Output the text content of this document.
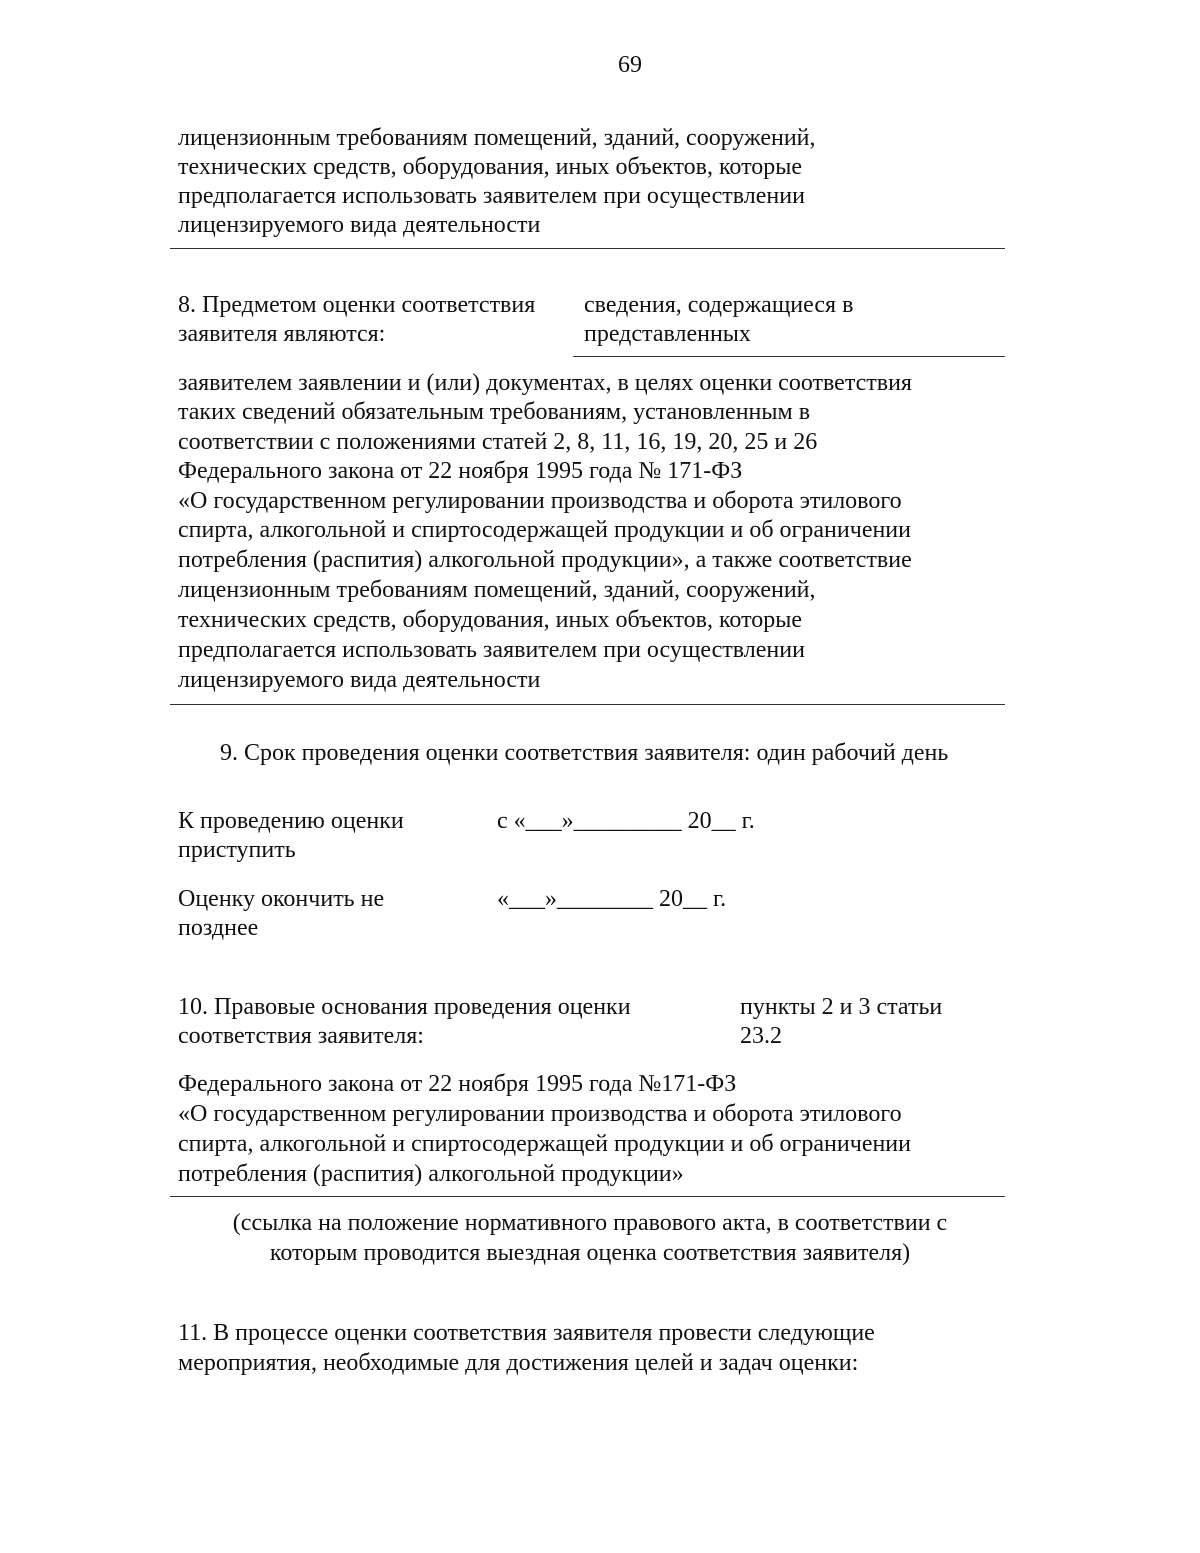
69
лицензионным требованиям помещений, зданий, сооружений,
технических средств, оборудования, иных объектов, которые
предполагается использовать заявителем при осуществлении
лицензируемого вида деятельности
8. Предметом оценки соответствия
заявителя являются:
сведения, содержащиеся в
представленных
заявителем заявлении и (или) документах, в целях оценки соответствия
таких сведений обязательным требованиям, установленным в
соответствии с положениями статей 2, 8, 11, 16, 19, 20, 25 и 26
Федерального закона от 22 ноября 1995 года № 171-ФЗ
«О государственном регулировании производства и оборота этилового
спирта, алкогольной и спиртосодержащей продукции и об ограничении
потребления (распития) алкогольной продукции», а также соответствие
лицензионным требованиям помещений, зданий, сооружений,
технических средств, оборудования, иных объектов, которые
предполагается использовать заявителем при осуществлении
лицензируемого вида деятельности
9. Срок проведения оценки соответствия заявителя: один рабочий день
К проведению оценки
приступить
с «___»_________ 20__ г.
Оценку окончить не
позднее
«___»________ 20__ г.
10. Правовые основания проведения оценки
соответствия заявителя:
пункты 2 и 3 статьи
23.2
Федерального закона от 22 ноября 1995 года №171-ФЗ
«О государственном регулировании производства и оборота этилового
спирта, алкогольной и спиртосодержащей продукции и об ограничении
потребления (распития) алкогольной продукции»
(ссылка на положение нормативного правового акта, в соответствии с
которым проводится выездная оценка соответствия заявителя)
11. В процессе оценки соответствия заявителя провести следующие
мероприятия, необходимые для достижения целей и задач оценки:
